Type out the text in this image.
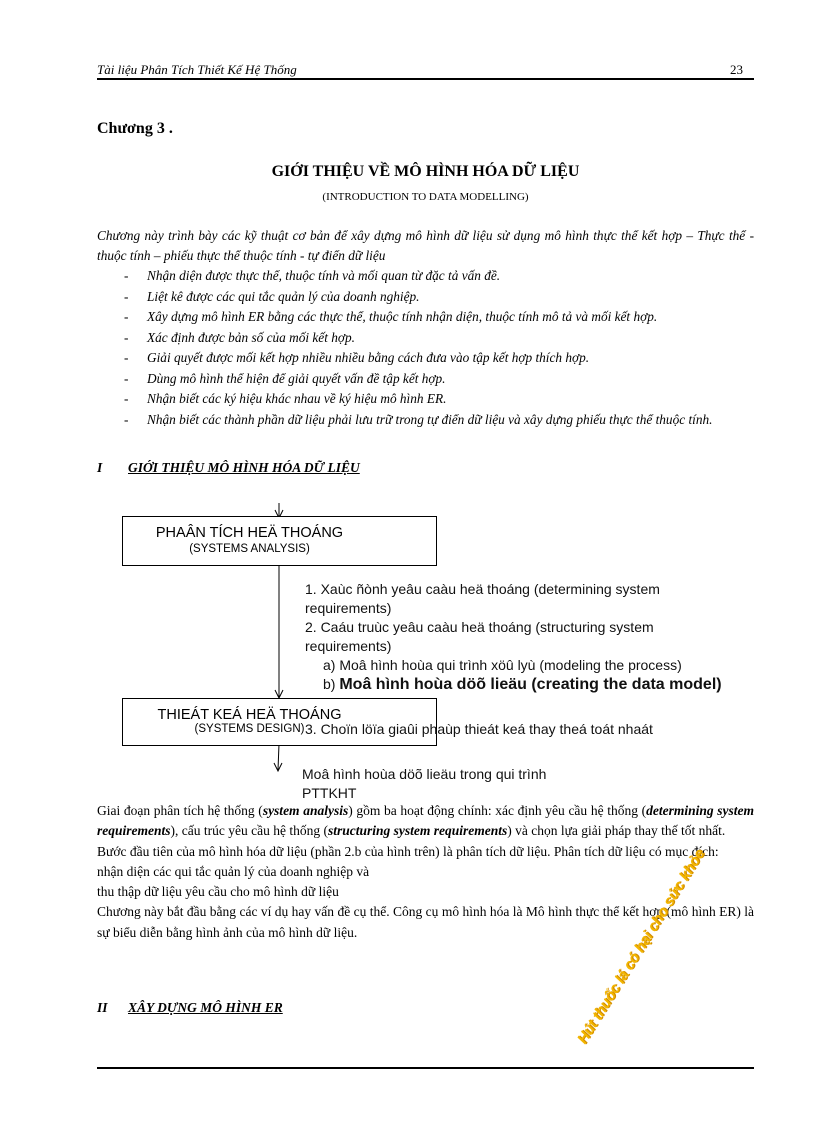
Tài liệu Phân Tích Thiết Kế Hệ Thống	23
Chương 3 .
GIỚI THIỆU VỀ MÔ HÌNH HÓA DỮ LIỆU
(INTRODUCTION TO DATA MODELLING)
Chương này trình bày các kỹ thuật cơ bản để xây dựng mô hình dữ liệu sử dụng mô hình thực thể kết hợp – Thực thể - thuộc tính – phiếu thực thể thuộc tính - tự điển dữ liệu
- Nhận diện được thực thể, thuộc tính và mối quan từ đặc tả vấn đề.
- Liệt kê được các qui tắc quản lý của doanh nghiệp.
- Xây dựng mô hình ER bằng các thực thể, thuộc tính nhận diện, thuộc tính mô tả và mối kết hợp.
- Xác định được bản số của mối kết hợp.
- Giải quyết được mối kết hợp nhiều nhiều bằng cách đưa vào tập kết hợp thích hợp.
- Dùng mô hình thể hiện để giải quyết vấn đề tập kết hợp.
- Nhận biết các ký hiệu khác nhau về ký hiệu mô hình ER.
- Nhận biết các thành phần dữ liệu phải lưu trữ trong tự điển dữ liệu và xây dựng phiếu thực thể thuộc tính.
I GIỚI THIỆU MÔ HÌNH HÓA DỮ LIỆU
PHAÂN TÍCH HEÄ THOÁNG
(SYSTEMS ANALYSIS)
THIEÁT KEÁ HEÄ THOÁNG
(SYSTEMS DESIGN)
1. Xaùc ñònh yeâu caàu heä thoáng (determining system requirements)
2. Caáu truùc yeâu caàu heä thoáng (structuring system requirements)
a) Moâ hình hoùa qui trình xöû lyù (modeling the process)
b) Moâ hình hoùa döõ lieäu (creating the data model)
3. Choïn löïa giaûi phaùp thieát keá thay theá toát nhaát
Moâ hình hoùa döõ lieäu trong qui trình PTTKHT

Giai đoạn phân tích hệ thống (system analysis) gồm ba hoạt động chính: xác định yêu cầu hệ thống (determining system requirements), cấu trúc yêu cầu hệ thống (structuring system requirements) và chọn lựa giải pháp thay thế tốt nhất.

Bước đầu tiên của mô hình hóa dữ liệu (phần 2.b của hình trên) là phân tích dữ liệu. Phân tích dữ liệu có mục đích:

nhận diện các qui tắc quản lý của doanh nghiệp và

thu thập dữ liệu yêu cầu cho mô hình dữ liệu

Chương này bắt đầu bằng các ví dụ hay vấn đề cụ thể. Công cụ mô hình hóa là Mô hình thực thể kết hợp (mô hình ER) là sự biểu diễn bằng hình ảnh của mô hình dữ liệu.

II XÂY DỰNG MÔ HÌNH ER	Hút thuốc lá có hại cho sức khỏe
